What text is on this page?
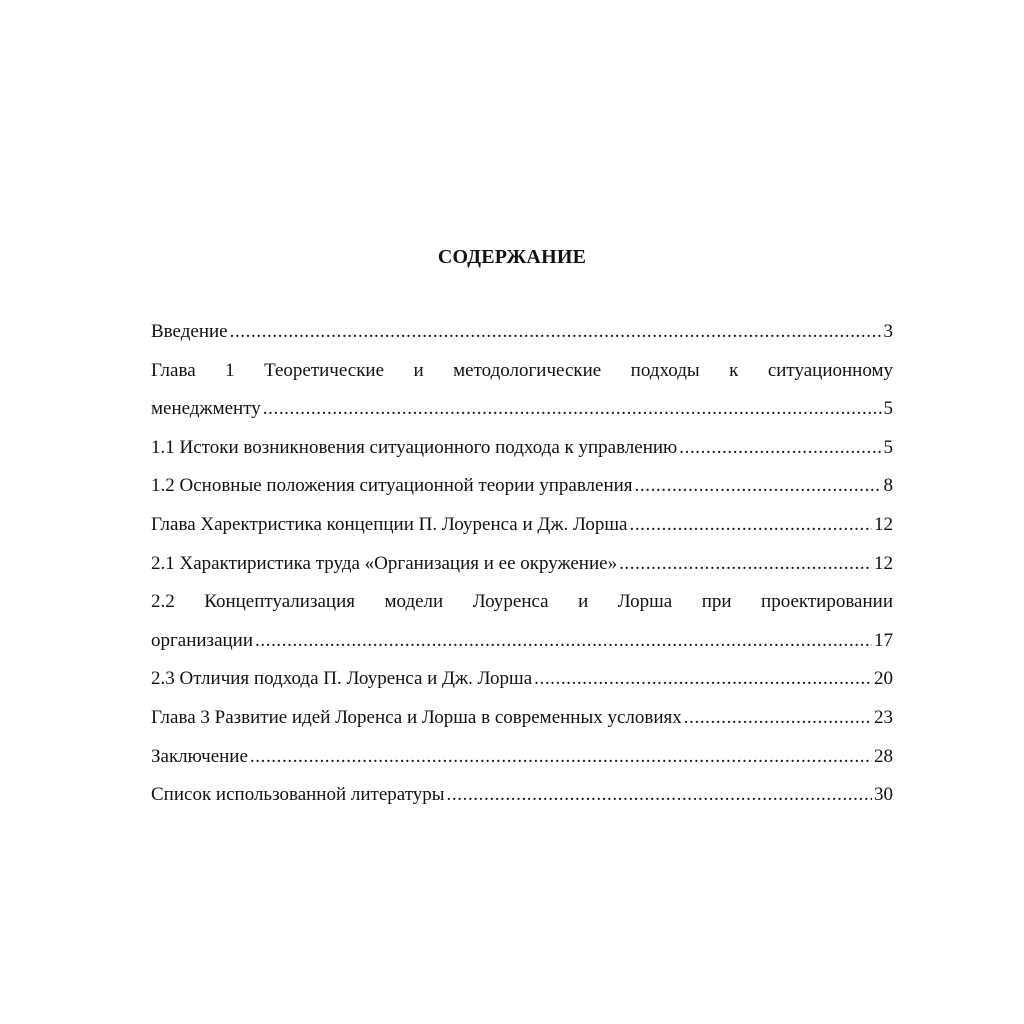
СОДЕРЖАНИЕ
Введение .....	3
Глава 1 Теоретические и методологические подходы к ситуационному
менеджменту .....	5
1.1 Истоки возникновения ситуационного подхода к управлению .....	5
1.2 Основные положения ситуационной теории управления .....	8
Глава Харектристика концепции П. Лоуренса и Дж. Лорша .....	12
2.1 Характиристика труда «Организация и ее окружение» .....	12
2.2 Концептуализация модели Лоуренса и Лорша при проектировании
организации .....	17
2.3 Отличия подхода П. Лоуренса и Дж. Лорша .....	20
Глава 3 Развитие идей Лоренса и Лорша в современных условиях .....	23
Заключение .....	28
Список использованной литературы .....	30
